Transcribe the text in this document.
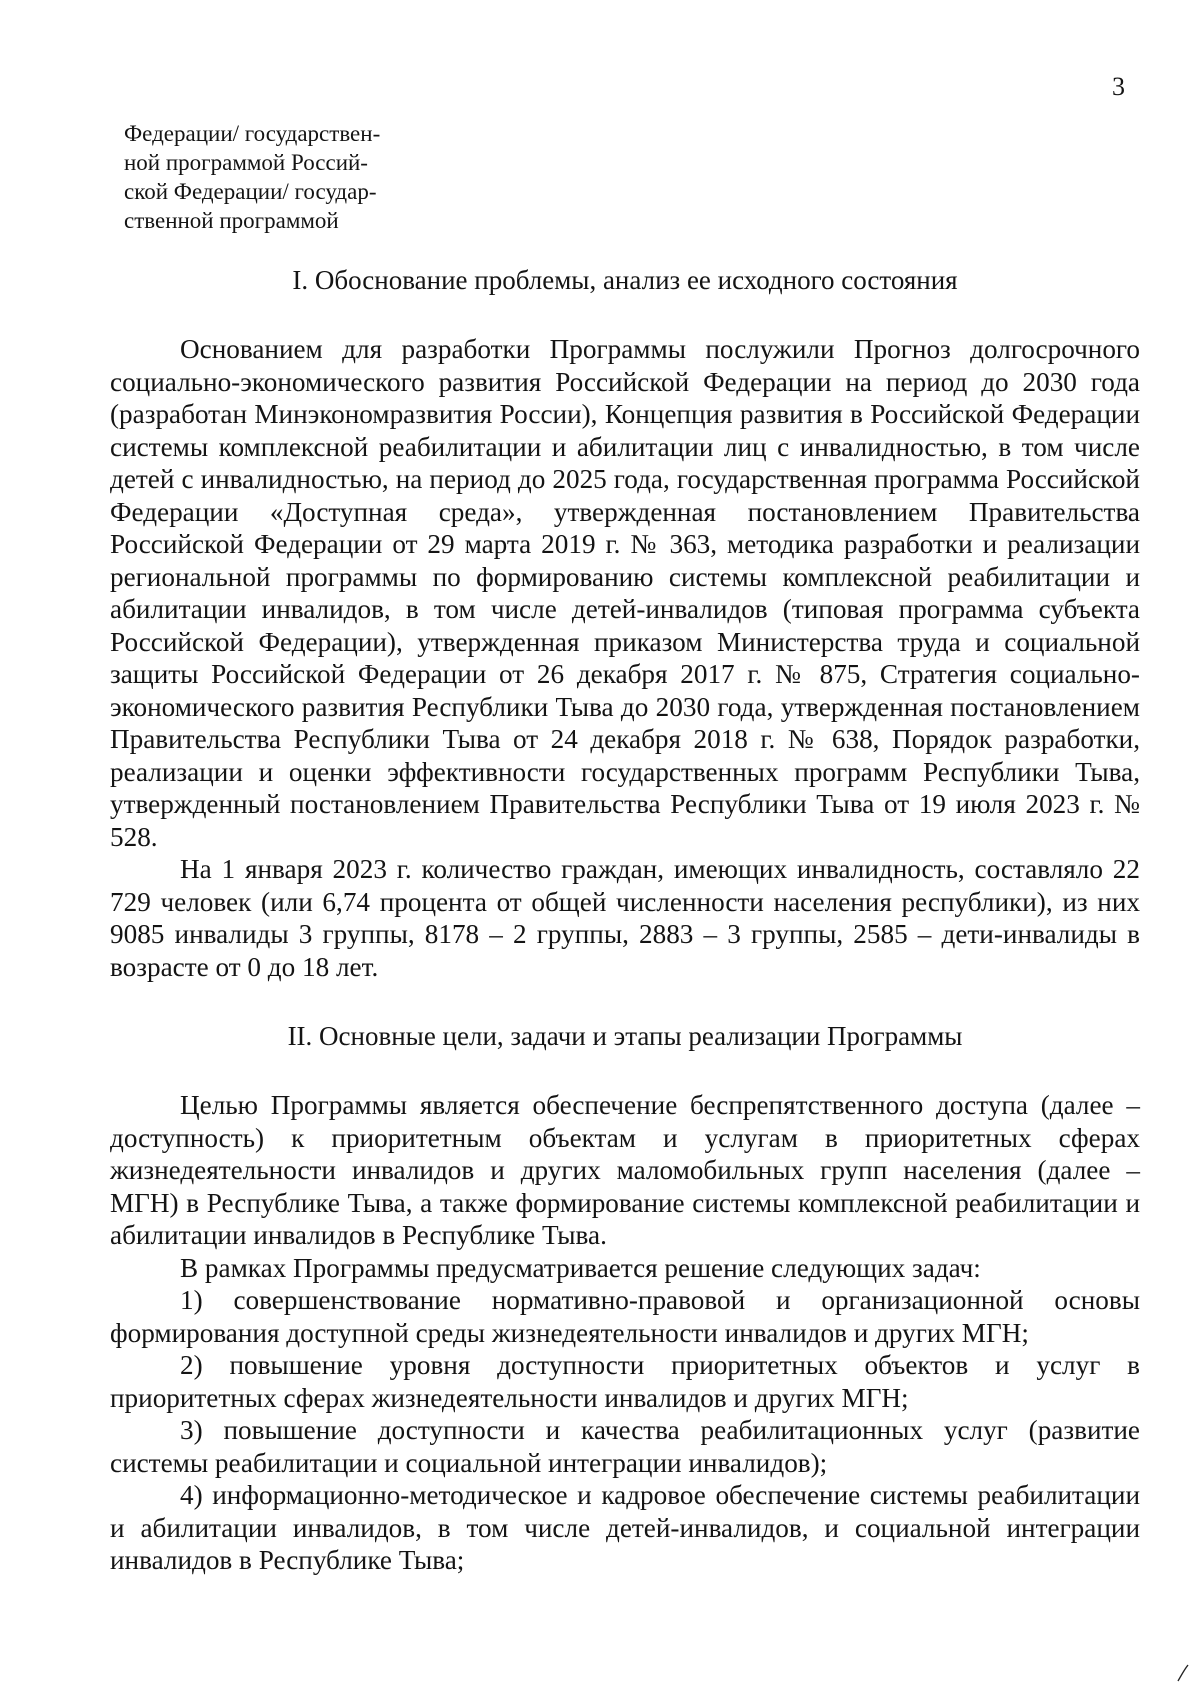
3
Федерации/ государствен-
ной программой Россий-
ской Федерации/ государ-
ственной программой
I. Обоснование проблемы, анализ ее исходного состояния

Основанием для разработки Программы послужили Прогноз долгосрочного социально-экономического развития Российской Федерации на период до 2030 года (разработан Минэкономразвития России), Концепция развития в Российской Федерации системы комплексной реабилитации и абилитации лиц с инвалидностью, в том числе детей с инвалидностью, на период до 2025 года, государственная программа Российской Федерации «Доступная среда», утвержденная постановлением Правительства Российской Федерации от 29 марта 2019 г. № 363, методика разработки и реализации региональной программы по формированию системы комплексной реабилитации и абилитации инвалидов, в том числе детей-инвалидов (типовая программа субъекта Российской Федерации), утвержденная приказом Министерства труда и социальной защиты Российской Федерации от 26 декабря 2017 г. № 875, Стратегия социально-экономического развития Республики Тыва до 2030 года, утвержденная постановлением Правительства Республики Тыва от 24 декабря 2018 г. № 638, Порядок разработки, реализации и оценки эффективности государственных программ Республики Тыва, утвержденный постановлением Правительства Республики Тыва от 19 июля 2023 г. № 528.

На 1 января 2023 г. количество граждан, имеющих инвалидность, составляло 22 729 человек (или 6,74 процента от общей численности населения республики), из них 9085 инвалиды 3 группы, 8178 – 2 группы, 2883 – 3 группы, 2585 – дети-инвалиды в возрасте от 0 до 18 лет.

II. Основные цели, задачи и этапы реализации Программы

Целью Программы является обеспечение беспрепятственного доступа (далее – доступность) к приоритетным объектам и услугам в приоритетных сферах жизнедеятельности инвалидов и других маломобильных групп населения (далее – МГН) в Республике Тыва, а также формирование системы комплексной реабилитации и абилитации инвалидов в Республике Тыва.

В рамках Программы предусматривается решение следующих задач:

1) совершенствование нормативно-правовой и организационной основы формирования доступной среды жизнедеятельности инвалидов и других МГН;

2) повышение уровня доступности приоритетных объектов и услуг в приоритетных сферах жизнедеятельности инвалидов и других МГН;

3) повышение доступности и качества реабилитационных услуг (развитие системы реабилитации и социальной интеграции инвалидов);

4) информационно-методическое и кадровое обеспечение системы реабилитации и абилитации инвалидов, в том числе детей-инвалидов, и социальной интеграции инвалидов в Республике Тыва;
